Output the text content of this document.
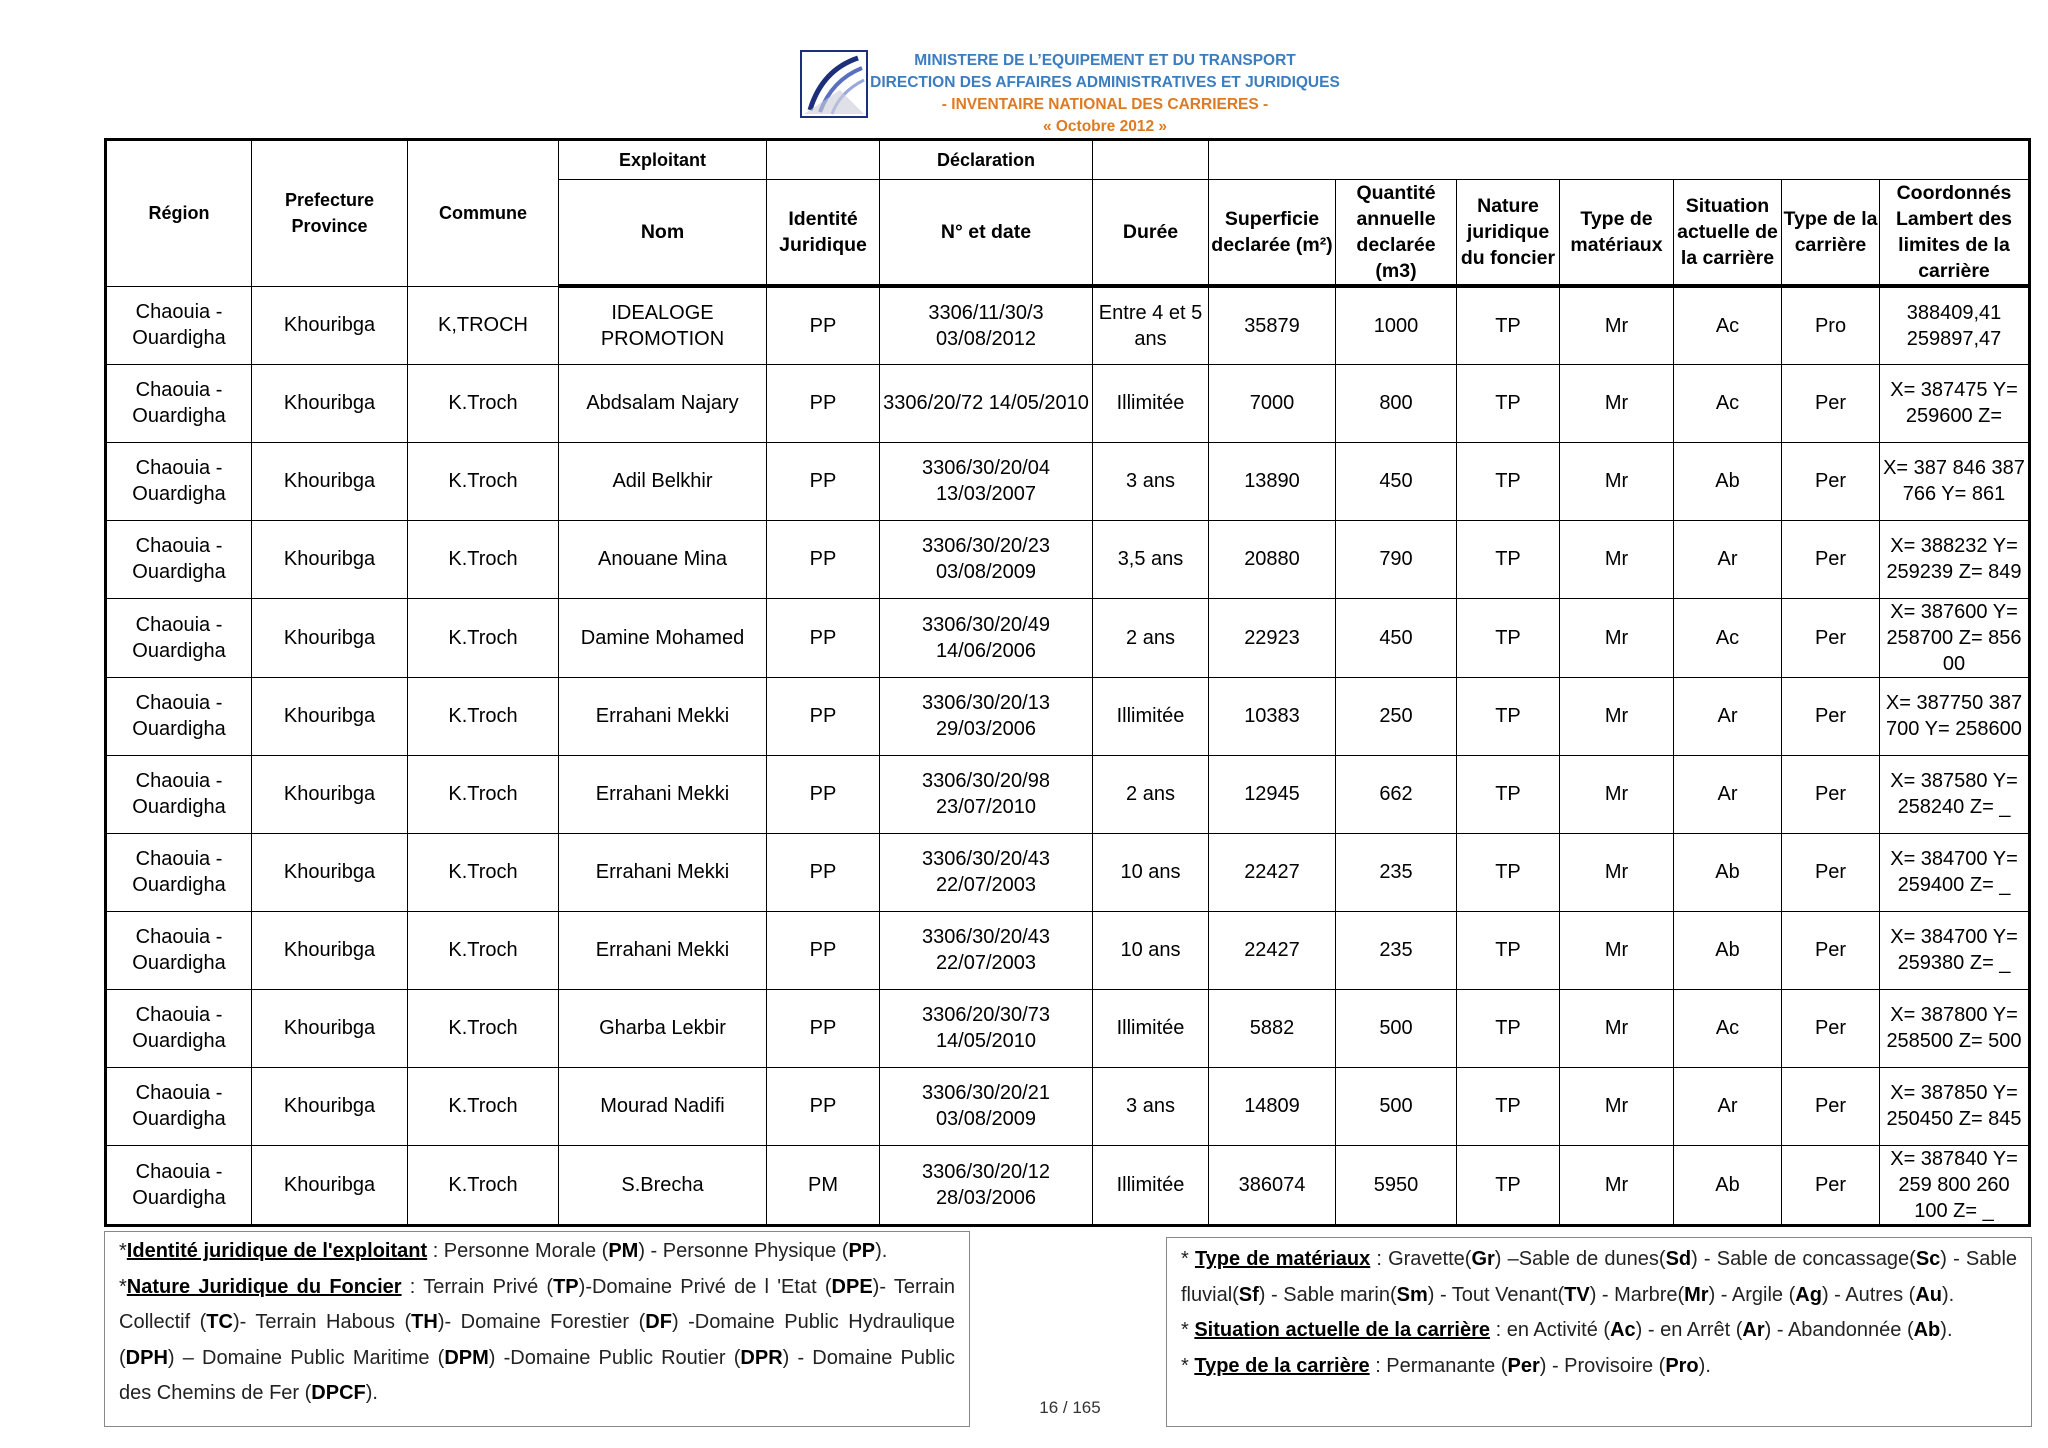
MINISTERE DE L’EQUIPEMENT ET DU TRANSPORT
DIRECTION DES AFFAIRES ADMINISTRATIVES ET JURIDIQUES
- INVENTAIRE NATIONAL DES CARRIERES -
« Octobre 2012 »
Région	Prefecture Province	Commune	Exploitant		Déclaration								
			Nom	Identité Juridique	N° et date	Durée	Superficie declarée (m²)	Quantité annuelle declarée (m3)	Nature juridique du foncier	Type de matériaux	Situation actuelle de la carrière	Type de la carrière	Coordonnés Lambert des limites de la carrière
Chaouia - Ouardigha	Khouribga	K,TROCH	IDEALOGE PROMOTION	PP	3306/11/30/3 03/08/2012	Entre 4 et 5 ans	35879	1000	TP	Mr	Ac	Pro	388409,41 259897,47
Chaouia - Ouardigha	Khouribga	K.Troch	Abdsalam Najary	PP	3306/20/72 14/05/2010	Illimitée	7000	800	TP	Mr	Ac	Per	X= 387475 Y= 259600 Z=
Chaouia - Ouardigha	Khouribga	K.Troch	Adil Belkhir	PP	3306/30/20/04 13/03/2007	3 ans	13890	450	TP	Mr	Ab	Per	X= 387 846 387 766 Y= 861
Chaouia - Ouardigha	Khouribga	K.Troch	Anouane Mina	PP	3306/30/20/23 03/08/2009	3,5 ans	20880	790	TP	Mr	Ar	Per	X= 388232 Y= 259239 Z= 849
Chaouia - Ouardigha	Khouribga	K.Troch	Damine Mohamed	PP	3306/30/20/49 14/06/2006	2 ans	22923	450	TP	Mr	Ac	Per	X= 387600 Y= 258700 Z= 856 00
Chaouia - Ouardigha	Khouribga	K.Troch	Errahani Mekki	PP	3306/30/20/13 29/03/2006	Illimitée	10383	250	TP	Mr	Ar	Per	X= 387750 387 700 Y= 258600
Chaouia - Ouardigha	Khouribga	K.Troch	Errahani Mekki	PP	3306/30/20/98 23/07/2010	2 ans	12945	662	TP	Mr	Ar	Per	X= 387580 Y= 258240 Z= _
Chaouia - Ouardigha	Khouribga	K.Troch	Errahani Mekki	PP	3306/30/20/43 22/07/2003	10 ans	22427	235	TP	Mr	Ab	Per	X= 384700 Y= 259400 Z= _
Chaouia - Ouardigha	Khouribga	K.Troch	Errahani Mekki	PP	3306/30/20/43 22/07/2003	10 ans	22427	235	TP	Mr	Ab	Per	X= 384700 Y= 259380 Z= _
Chaouia - Ouardigha	Khouribga	K.Troch	Gharba Lekbir	PP	3306/20/30/73 14/05/2010	Illimitée	5882	500	TP	Mr	Ac	Per	X= 387800 Y= 258500 Z= 500
Chaouia - Ouardigha	Khouribga	K.Troch	Mourad Nadifi	PP	3306/30/20/21 03/08/2009	3 ans	14809	500	TP	Mr	Ar	Per	X= 387850 Y= 250450 Z= 845
Chaouia - Ouardigha	Khouribga	K.Troch	S.Brecha	PM	3306/30/20/12 28/03/2006	Illimitée	386074	5950	TP	Mr	Ab	Per	X= 387840 Y= 259 800 260 100 Z= _

*Identité juridique de l'exploitant : Personne Morale (PM) - Personne Physique (PP).

*Nature Juridique du Foncier : Terrain Privé (TP)-Domaine Privé de l 'Etat (DPE)- Terrain Collectif (TC)- Terrain Habous (TH)- Domaine Forestier (DF) -Domaine Public Hydraulique (DPH) – Domaine Public Maritime (DPM) -Domaine Public Routier (DPR) - Domaine Public des Chemins de Fer (DPCF).

* Type de matériaux : Gravette(Gr) –Sable de dunes(Sd) - Sable de concassage(Sc) - Sable fluvial(Sf) - Sable marin(Sm) - Tout Venant(TV) - Marbre(Mr) - Argile (Ag) - Autres (Au).

* Situation actuelle de la carrière : en Activité (Ac) - en Arrêt (Ar) - Abandonnée (Ab).

* Type de la carrière : Permanante (Per) - Provisoire (Pro).

16 / 165
